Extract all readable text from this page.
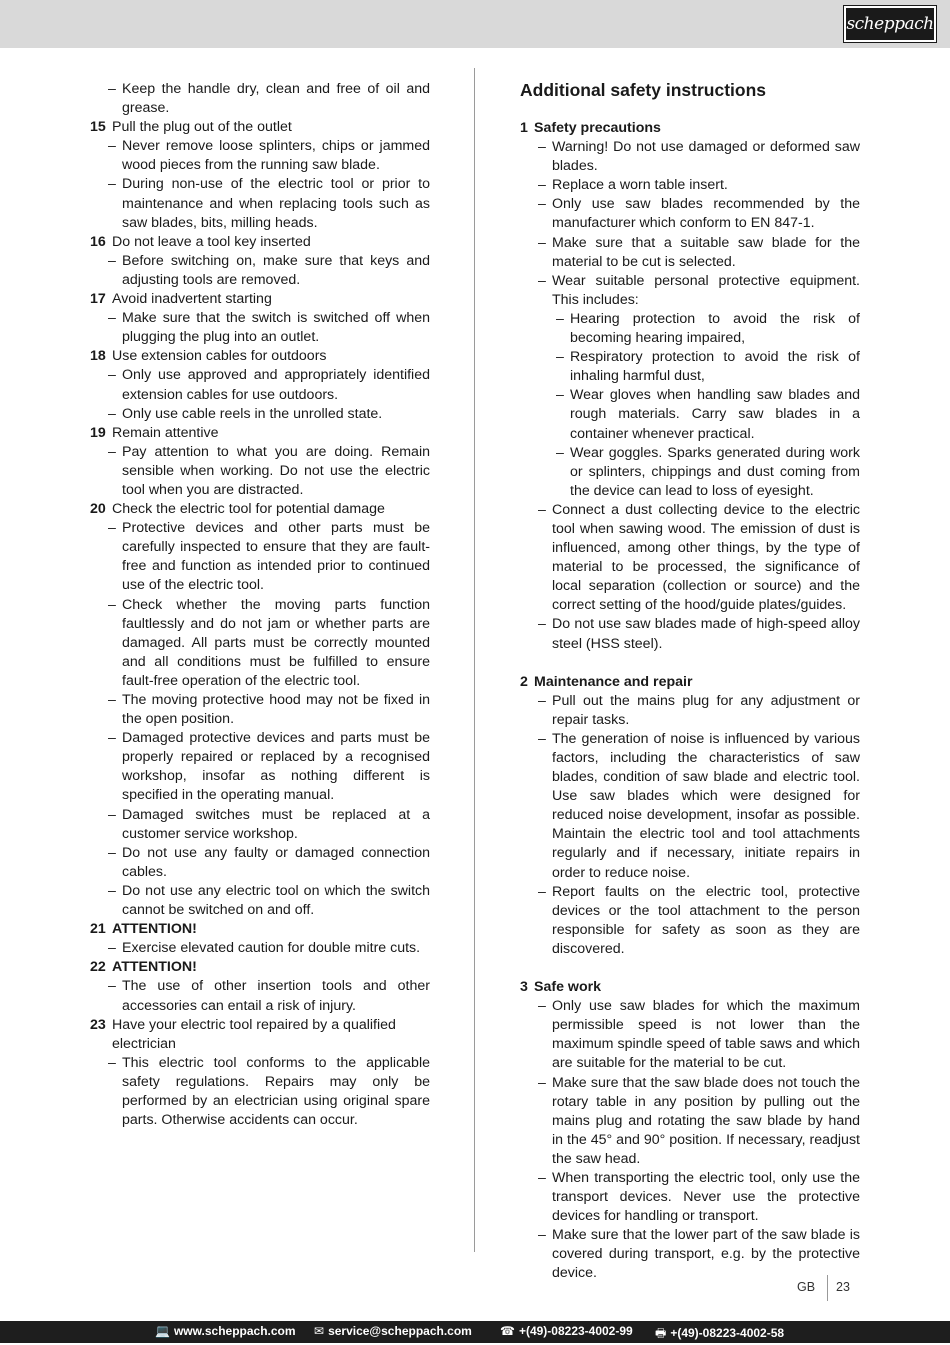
scheppach
– Keep the handle dry, clean and free of oil and grease.
15 Pull the plug out of the outlet
– Never remove loose splinters, chips or jammed wood pieces from the running saw blade.
– During non-use of the electric tool or prior to maintenance and when replacing tools such as saw blades, bits, milling heads.
16 Do not leave a tool key inserted
– Before switching on, make sure that keys and adjusting tools are removed.
17 Avoid inadvertent starting
– Make sure that the switch is switched off when plugging the plug into an outlet.
18 Use extension cables for outdoors
– Only use approved and appropriately identified extension cables for use outdoors.
– Only use cable reels in the unrolled state.
19 Remain attentive
– Pay attention to what you are doing. Remain sensible when working. Do not use the electric tool when you are distracted.
20 Check the electric tool for potential damage
– Protective devices and other parts must be carefully inspected to ensure that they are fault-free and function as intended prior to continued use of the electric tool.
– Check whether the moving parts function faultlessly and do not jam or whether parts are damaged. All parts must be correctly mounted and all conditions must be fulfilled to ensure fault-free operation of the electric tool.
– The moving protective hood may not be fixed in the open position.
– Damaged protective devices and parts must be properly repaired or replaced by a recognised workshop, insofar as nothing different is specified in the operating manual.
– Damaged switches must be replaced at a customer service workshop.
– Do not use any faulty or damaged connection cables.
– Do not use any electric tool on which the switch cannot be switched on and off.
21 ATTENTION!
– Exercise elevated caution for double mitre cuts.
22 ATTENTION!
– The use of other insertion tools and other accessories can entail a risk of injury.
23 Have your electric tool repaired by a qualified electrician
– This electric tool conforms to the applicable safety regulations. Repairs may only be performed by an electrician using original spare parts. Otherwise accidents can occur.
Additional safety instructions
1 Safety precautions
– Warning! Do not use damaged or deformed saw blades.
– Replace a worn table insert.
– Only use saw blades recommended by the manufacturer which conform to EN 847-1.
– Make sure that a suitable saw blade for the material to be cut is selected.
– Wear suitable personal protective equipment. This includes:
– Hearing protection to avoid the risk of becoming hearing impaired,
– Respiratory protection to avoid the risk of inhaling harmful dust,
– Wear gloves when handling saw blades and rough materials. Carry saw blades in a container whenever practical.
– Wear goggles. Sparks generated during work or splinters, chippings and dust coming from the device can lead to loss of eyesight.
– Connect a dust collecting device to the electric tool when sawing wood. The emission of dust is influenced, among other things, by the type of material to be processed, the significance of local separation (collection or source) and the correct setting of the hood/guide plates/guides.
– Do not use saw blades made of high-speed alloy steel (HSS steel).
2 Maintenance and repair
– Pull out the mains plug for any adjustment or repair tasks.
– The generation of noise is influenced by various factors, including the characteristics of saw blades, condition of saw blade and electric tool. Use saw blades which were designed for reduced noise development, insofar as possible. Maintain the electric tool and tool attachments regularly and if necessary, initiate repairs in order to reduce noise.
– Report faults on the electric tool, protective devices or the tool attachment to the person responsible for safety as soon as they are discovered.
3 Safe work
– Only use saw blades for which the maximum permissible speed is not lower than the maximum spindle speed of table saws and which are suitable for the material to be cut.
– Make sure that the saw blade does not touch the rotary table in any position by pulling out the mains plug and rotating the saw blade by hand in the 45° and 90° position. If necessary, readjust the saw head.
– When transporting the electric tool, only use the transport devices. Never use the protective devices for handling or transport.
– Make sure that the lower part of the saw blade is covered during transport, e.g. by the protective device.
GB 23
💻 www.scheppach.com ✉ service@scheppach.com ☎ +(49)-08223-4002-99 🖶 +(49)-08223-4002-58
